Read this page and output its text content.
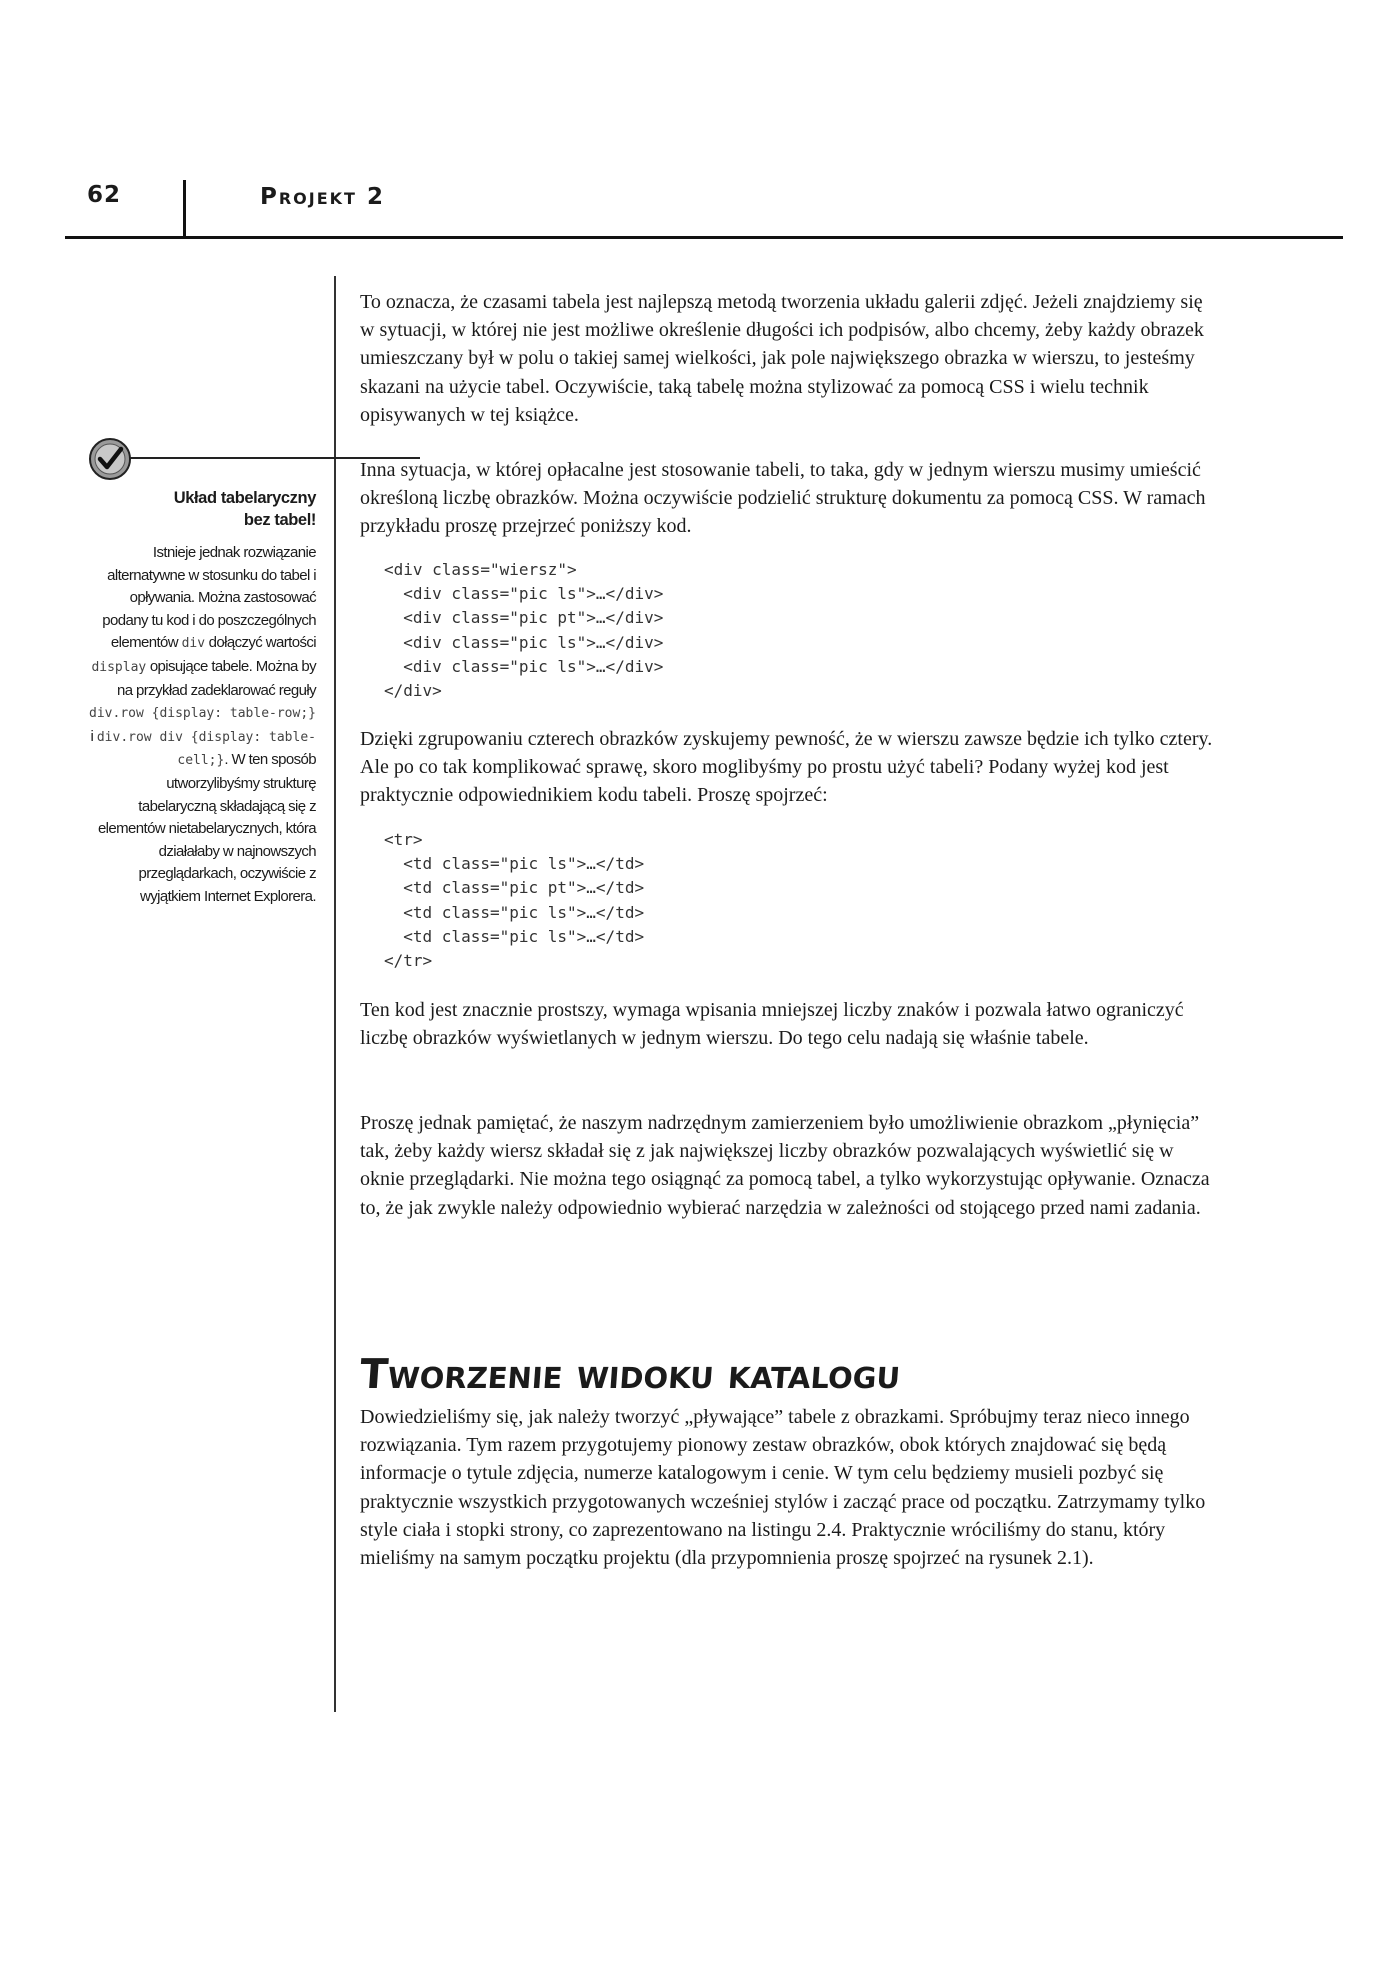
62	Projekt 2
Układ tabelaryczny
bez tabel!
Istnieje jednak rozwiązanie alternatywne w stosunku do tabel i opływania. Można zastosować podany tu kod i do poszczególnych elementów div dołączyć wartości display opisujące tabele. Można by na przykład zadeklarować reguły div.row {display: table-row;} i div.row div {display: table-cell;}. W ten sposób utworzylibyśmy strukturę tabelaryczną składającą się z elementów nietabelarycznych, która działałaby w najnowszych przeglądarkach, oczywiście z wyjątkiem Internet Explorera.

To oznacza, że czasami tabela jest najlepszą metodą tworzenia układu galerii zdjęć. Jeżeli znajdziemy się w sytuacji, w której nie jest możliwe określenie długości ich podpisów, albo chcemy, żeby każdy obrazek umieszczany był w polu o takiej samej wielkości, jak pole największego obrazka w wierszu, to jesteśmy skazani na użycie tabel. Oczywiście, taką tabelę można stylizować za pomocą CSS i wielu technik opisywanych w tej książce.

Inna sytuacja, w której opłacalne jest stosowanie tabeli, to taka, gdy w jednym wierszu musimy umieścić określoną liczbę obrazków. Można oczywiście podzielić strukturę dokumentu za pomocą CSS. W ramach przykładu proszę przejrzeć poniższy kod.

<div class="wiersz">
<div class="pic ls">…</div>
<div class="pic pt">…</div>
<div class="pic ls">…</div>
<div class="pic ls">…</div>
</div>

Dzięki zgrupowaniu czterech obrazków zyskujemy pewność, że w wierszu zawsze będzie ich tylko cztery. Ale po co tak komplikować sprawę, skoro moglibyśmy po prostu użyć tabeli? Podany wyżej kod jest praktycznie odpowiednikiem kodu tabeli. Proszę spojrzeć:

<tr>
<td class="pic ls">…</td>
<td class="pic pt">…</td>
<td class="pic ls">…</td>
<td class="pic ls">…</td>
</tr>

Ten kod jest znacznie prostszy, wymaga wpisania mniejszej liczby znaków i pozwala łatwo ograniczyć liczbę obrazków wyświetlanych w jednym wierszu. Do tego celu nadają się właśnie tabele.

Proszę jednak pamiętać, że naszym nadrzędnym zamierzeniem było umożliwienie obrazkom „płynięcia” tak, żeby każdy wiersz składał się z jak największej liczby obrazków pozwalających wyświetlić się w oknie przeglądarki. Nie można tego osiągnąć za pomocą tabel, a tylko wykorzystując opływanie. Oznacza to, że jak zwykle należy odpowiednio wybierać narzędzia w zależności od stojącego przed nami zadania.

Tworzenie widoku katalogu

Dowiedzieliśmy się, jak należy tworzyć „pływające” tabele z obrazkami. Spróbujmy teraz nieco innego rozwiązania. Tym razem przygotujemy pionowy zestaw obrazków, obok których znajdować się będą informacje o tytule zdjęcia, numerze katalogowym i cenie. W tym celu będziemy musieli pozbyć się praktycznie wszystkich przygotowanych wcześniej stylów i zacząć prace od początku. Zatrzymamy tylko style ciała i stopki strony, co zaprezentowano na listingu 2.4. Praktycznie wróciliśmy do stanu, który mieliśmy na samym początku projektu (dla przypomnienia proszę spojrzeć na rysunek 2.1).
